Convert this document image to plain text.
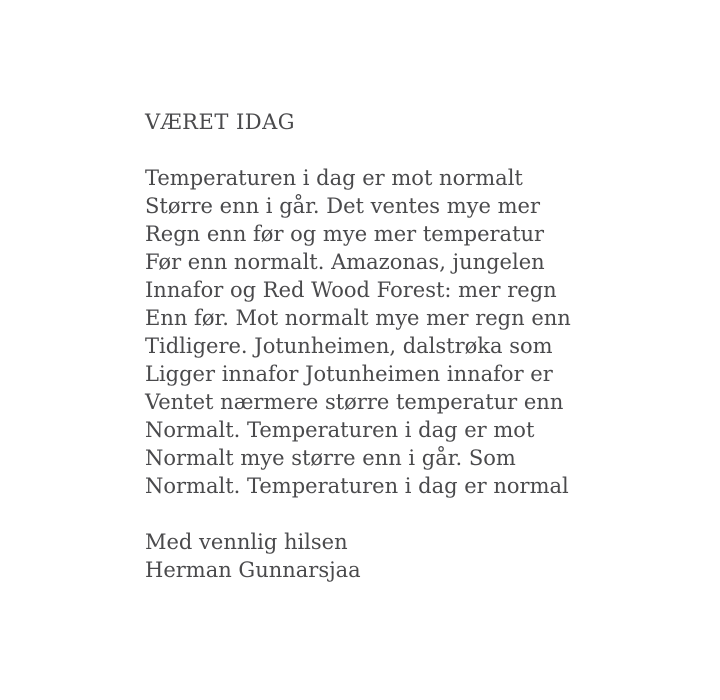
VÆRET IDAG

Temperaturen i dag er mot normalt

Større enn i går. Det ventes mye mer

Regn enn før og mye mer temperatur

Før enn normalt. Amazonas, jungelen

Innafor og Red Wood Forest: mer regn

Enn før. Mot normalt mye mer regn enn

Tidligere. Jotunheimen, dalstrøka som

Ligger innafor Jotunheimen innafor er

Ventet nærmere større temperatur enn

Normalt. Temperaturen i dag er mot

Normalt mye større enn i går. Som

Normalt. Temperaturen i dag er normal

Med vennlig hilsen

Herman Gunnarsjaa
